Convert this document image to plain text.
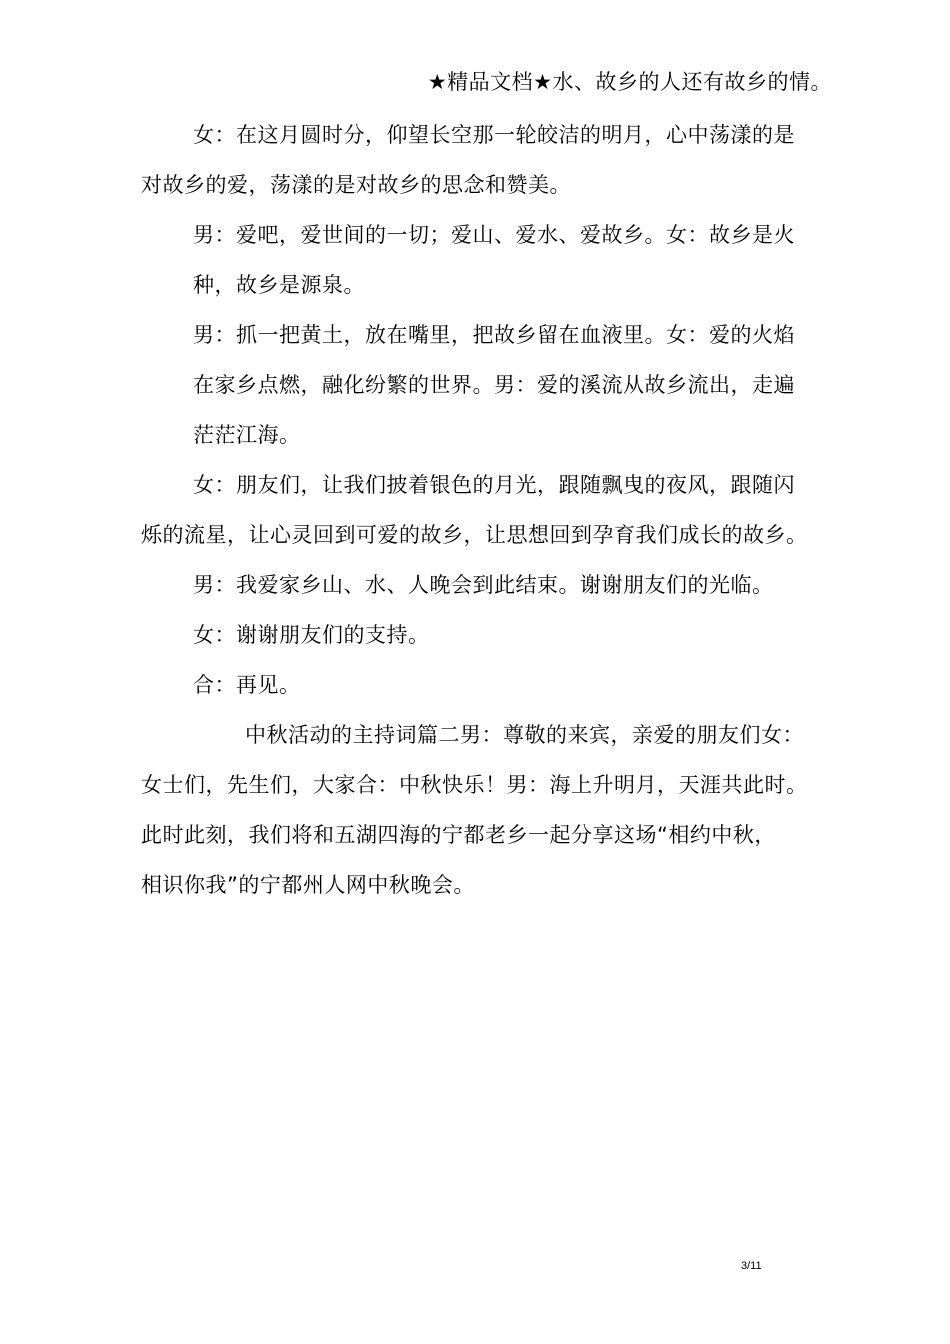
★精品文档★水、故乡的人还有故乡的情。
女：在这月圆时分，仰望长空那一轮皎洁的明月，心中荡漾的是
对故乡的爱，荡漾的是对故乡的思念和赞美。
男：爱吧，爱世间的一切；爱山、爱水、爱故乡。女：故乡是火
种，故乡是源泉。
男：抓一把黄土，放在嘴里，把故乡留在血液里。女：爱的火焰
在家乡点燃，融化纷繁的世界。男：爱的溪流从故乡流出，走遍
茫茫江海。
女：朋友们，让我们披着银色的月光，跟随飘曳的夜风，跟随闪
烁的流星，让心灵回到可爱的故乡，让思想回到孕育我们成长的故乡。
男：我爱家乡山、水、人晚会到此结束。谢谢朋友们的光临。
女：谢谢朋友们的支持。
合：再见。
中秋活动的主持词篇二男：尊敬的来宾，亲爱的朋友们女：
女士们，先生们，大家合：中秋快乐！男：海上升明月，天涯共此时。
此时此刻，我们将和五湖四海的宁都老乡一起分享这场“相约中秋，
相识你我”的宁都州人网中秋晚会。
3/11
